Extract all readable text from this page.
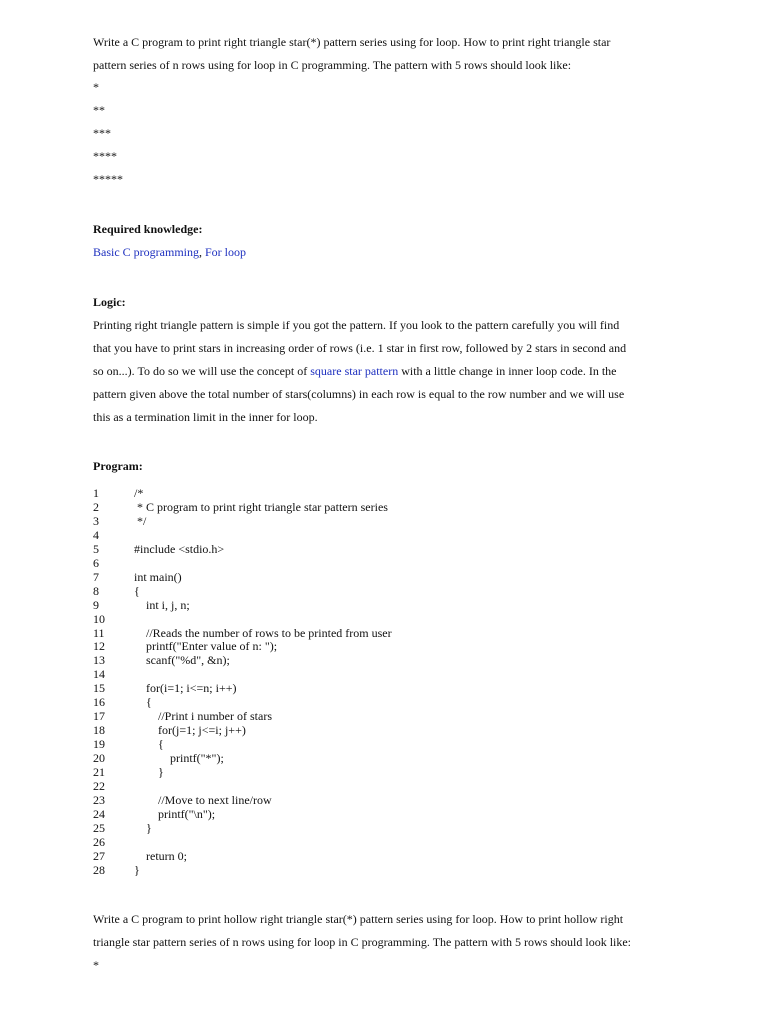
Write a C program to print right triangle star(*) pattern series using for loop. How to print right triangle star
pattern series of n rows using for loop in C programming. The pattern with 5 rows should look like:
*
**
***
****
*****
Required knowledge:
Basic C programming, For loop
Logic:
Printing right triangle pattern is simple if you got the pattern. If you look to the pattern carefully you will find
that you have to print stars in increasing order of rows (i.e. 1 star in first row, followed by 2 stars in second and
so on...). To do so we will use the concept of square star pattern with a little change in inner loop code. In the
pattern given above the total number of stars(columns) in each row is equal to the row number and we will use
this as a termination limit in the inner for loop.
Program:
1	/*
2	* C program to print right triangle star pattern series
3	*/
4
5	#include <stdio.h>
6
7	int main()
8	{
9	int i, j, n;
10
11	//Reads the number of rows to be printed from user
12	printf("Enter value of n: ");
13	scanf("%d", &n);
14
15	for(i=1; i<=n; i++)
16	{
17	//Print i number of stars
18	for(j=1; j<=i; j++)
19	{
20	printf("*");
21	}
22
23	//Move to next line/row
24	printf("\n");
25	}
26
27	return 0;
28	}
Write a C program to print hollow right triangle star(*) pattern series using for loop. How to print hollow right
triangle star pattern series of n rows using for loop in C programming. The pattern with 5 rows should look like:
*
